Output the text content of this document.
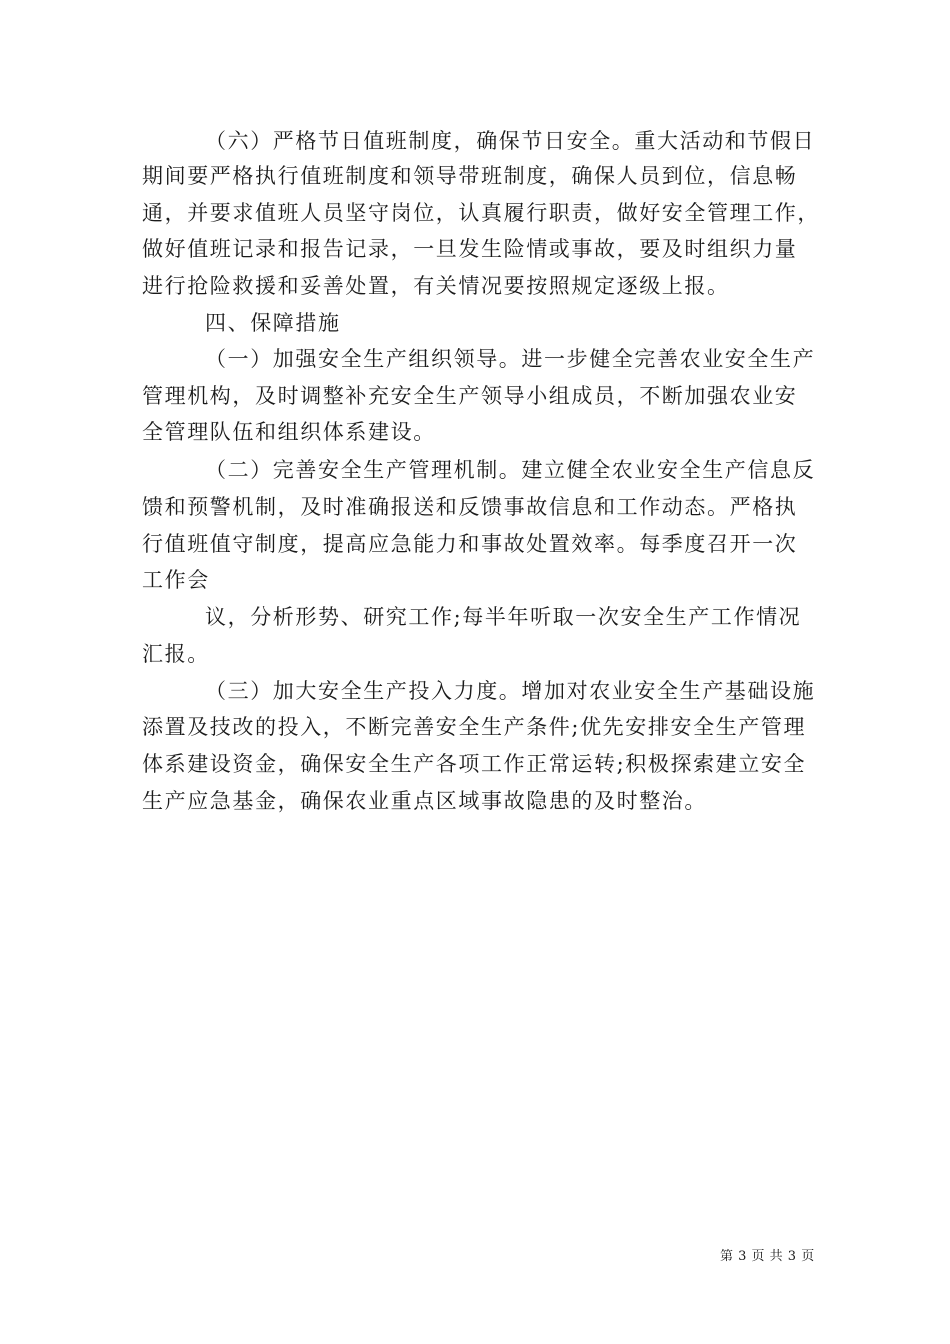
（六）严格节日值班制度，确保节日安全。重大活动和节假日
期间要严格执行值班制度和领导带班制度，确保人员到位，信息畅
通，并要求值班人员坚守岗位，认真履行职责，做好安全管理工作，
做好值班记录和报告记录，一旦发生险情或事故，要及时组织力量
进行抢险救援和妥善处置，有关情况要按照规定逐级上报。
四、保障措施
（一）加强安全生产组织领导。进一步健全完善农业安全生产
管理机构，及时调整补充安全生产领导小组成员，不断加强农业安
全管理队伍和组织体系建设。
（二）完善安全生产管理机制。建立健全农业安全生产信息反
馈和预警机制，及时准确报送和反馈事故信息和工作动态。严格执
行值班值守制度，提高应急能力和事故处置效率。每季度召开一次
工作会
议，分析形势、研究工作;每半年听取一次安全生产工作情况
汇报。
（三）加大安全生产投入力度。增加对农业安全生产基础设施
添置及技改的投入，不断完善安全生产条件;优先安排安全生产管理
体系建设资金，确保安全生产各项工作正常运转;积极探索建立安全
生产应急基金，确保农业重点区域事故隐患的及时整治。
第 3 页 共 3 页
